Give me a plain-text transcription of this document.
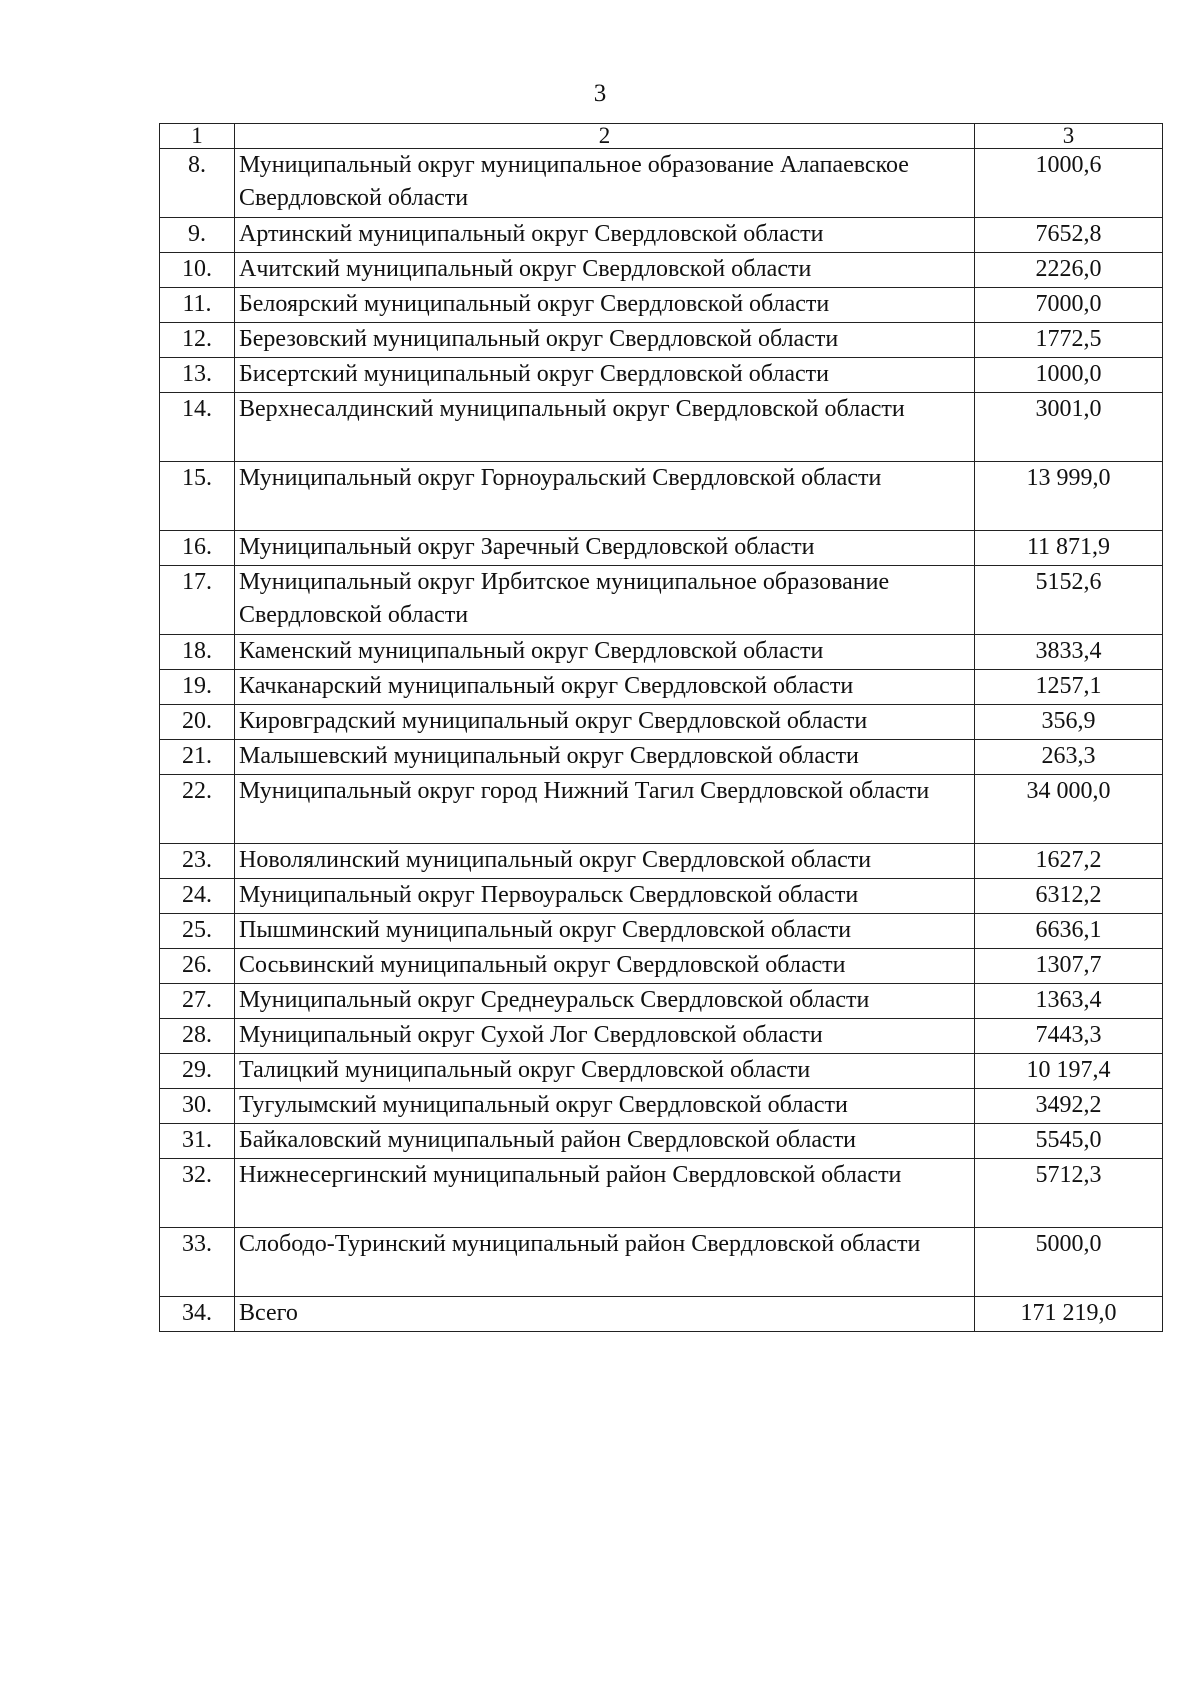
3
1	2	3
8.	Муниципальный округ муниципальное образование Алапаевское Свердловской области	1000,6
9.	Артинский муниципальный округ Свердловской области	7652,8
10.	Ачитский муниципальный округ Свердловской области	2226,0
11.	Белоярский муниципальный округ Свердловской области	7000,0
12.	Березовский муниципальный округ Свердловской области	1772,5
13.	Бисертский муниципальный округ Свердловской области	1000,0
14.	Верхнесалдинский муниципальный округ Свердловской области	3001,0
15.	Муниципальный округ Горноуральский Свердловской области	13 999,0
16.	Муниципальный округ Заречный Свердловской области	11 871,9
17.	Муниципальный округ Ирбитское муниципальное образование Свердловской области	5152,6
18.	Каменский муниципальный округ Свердловской области	3833,4
19.	Качканарский муниципальный округ Свердловской области	1257,1
20.	Кировградский муниципальный округ Свердловской области	356,9
21.	Малышевский муниципальный округ Свердловской области	263,3
22.	Муниципальный округ город Нижний Тагил Свердловской области	34 000,0
23.	Новолялинский муниципальный округ Свердловской области	1627,2
24.	Муниципальный округ Первоуральск Свердловской области	6312,2
25.	Пышминский муниципальный округ Свердловской области	6636,1
26.	Сосьвинский муниципальный округ Свердловской области	1307,7
27.	Муниципальный округ Среднеуральск Свердловской области	1363,4
28.	Муниципальный округ Сухой Лог Свердловской области	7443,3
29.	Талицкий муниципальный округ Свердловской области	10 197,4
30.	Тугулымский муниципальный округ Свердловской области	3492,2
31.	Байкаловский муниципальный район Свердловской области	5545,0
32.	Нижнесергинский муниципальный район Свердловской области	5712,3
33.	Слободо-Туринский муниципальный район Свердловской области	5000,0
34.	Всего	171 219,0
